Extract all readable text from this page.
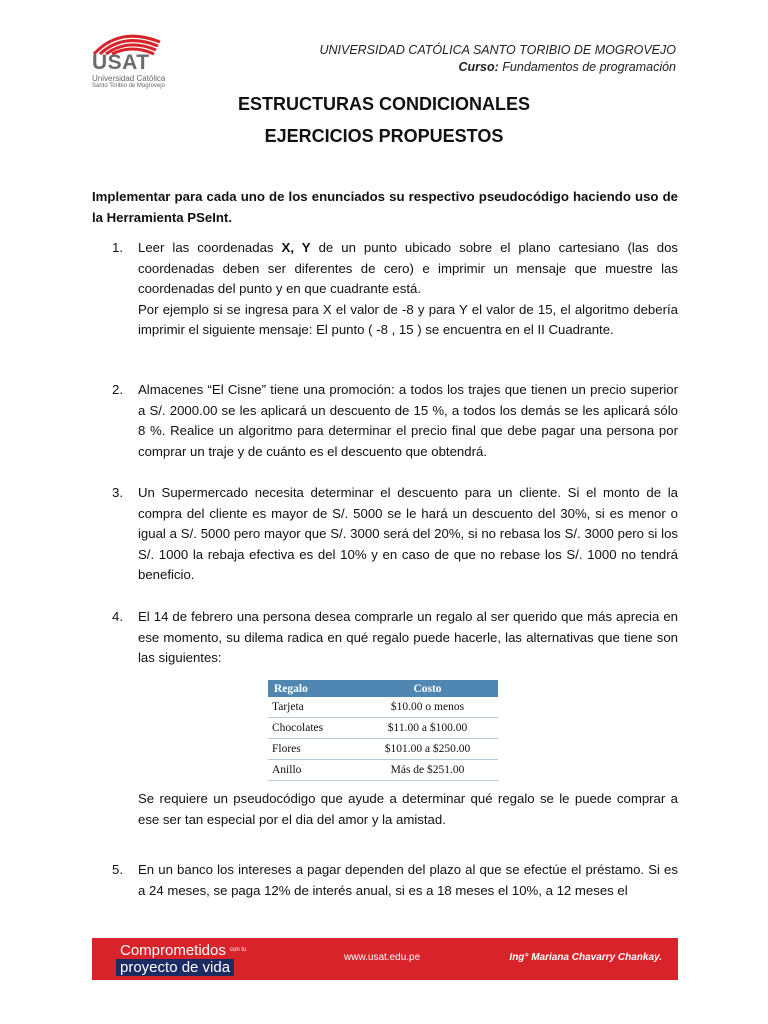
USAT
Universidad Católica
Santo Toribio de Mogrovejo
UNIVERSIDAD CATÓLICA SANTO TORIBIO DE MOGROVEJO
Curso: Fundamentos de programación
ESTRUCTURAS CONDICIONALES
EJERCICIOS PROPUESTOS
Implementar para cada uno de los enunciados su respectivo pseudocódigo haciendo uso de la Herramienta PSeInt.
1. Leer las coordenadas X, Y de un punto ubicado sobre el plano cartesiano (las dos coordenadas deben ser diferentes de cero) e imprimir un mensaje que muestre las coordenadas del punto y en que cuadrante está.

Por ejemplo si se ingresa para X el valor de -8 y para Y el valor de 15, el algoritmo debería imprimir el siguiente mensaje: El punto ( -8 , 15 ) se encuentra en el II Cuadrante.

2. Almacenes “El Cisne” tiene una promoción: a todos los trajes que tienen un precio superior a S/. 2000.00 se les aplicará un descuento de 15 %, a todos los demás se les aplicará sólo 8 %. Realice un algoritmo para determinar el precio final que debe pagar una persona por comprar un traje y de cuánto es el descuento que obtendrá.
3. Un Supermercado necesita determinar el descuento para un cliente. Si el monto de la compra del cliente es mayor de S/. 5000 se le hará un descuento del 30%, si es menor o igual a S/. 5000 pero mayor que S/. 3000 será del 20%, si no rebasa los S/. 3000 pero si los S/. 1000 la rebaja efectiva es del 10% y en caso de que no rebase los S/. 1000 no tendrá beneficio.
4. El 14 de febrero una persona desea comprarle un regalo al ser querido que más aprecia en ese momento, su dilema radica en qué regalo puede hacerle, las alternativas que tiene son las siguientes:
Regalo	Costo
Tarjeta	$10.00 o menos
Chocolates	$11.00 a $100.00
Flores	$101.00 a $250.00
Anillo	Más de $251.00
Se requiere un pseudocódigo que ayude a determinar qué regalo se le puede comprar a ese ser tan especial por el dia del amor y la amistad.
5. En un banco los intereses a pagar dependen del plazo al que se efectúe el préstamo. Si es a 24 meses, se paga 12% de interés anual, si es a 18 meses el 10%, a 12 meses el
Comprometidos $^{con tu}$
proyecto de vida
www.usat.edu.pe	Ing° Mariana Chavarry Chankay.
